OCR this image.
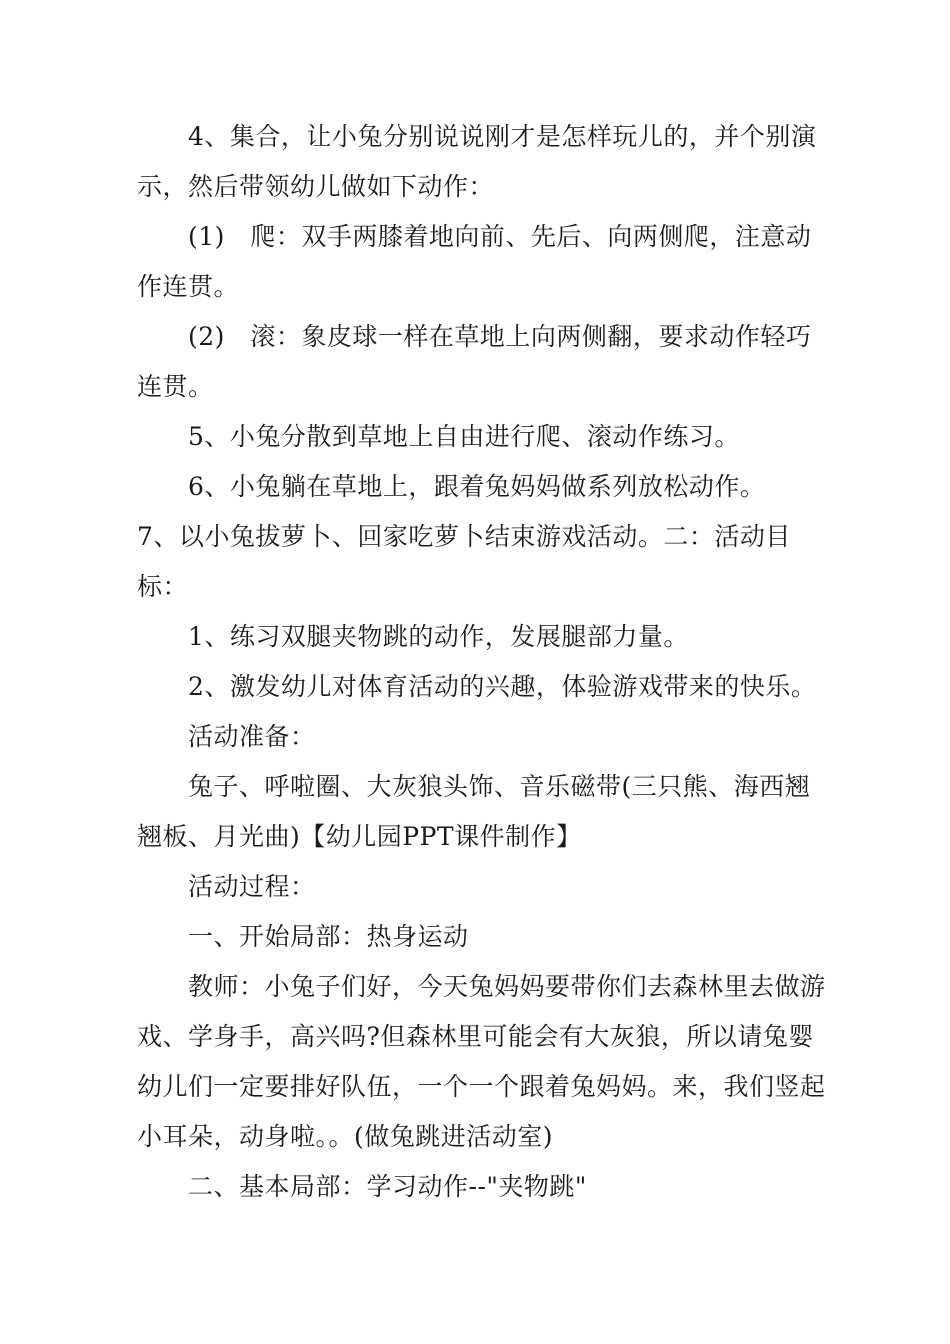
4、集合，让小兔分别说说刚才是怎样玩儿的，并个别演示，然后带领幼儿做如下动作：

(1)　爬：双手两膝着地向前、先后、向两侧爬，注意动作连贯。

(2)　滚：象皮球一样在草地上向两侧翻，要求动作轻巧连贯。

5、小兔分散到草地上自由进行爬、滚动作练习。

6、小兔躺在草地上，跟着兔妈妈做系列放松动作。

7、以小兔拔萝卜、回家吃萝卜结束游戏活动。二：活动目标：

1、练习双腿夹物跳的动作，发展腿部力量。

2、激发幼儿对体育活动的兴趣，体验游戏带来的快乐。

活动准备：

兔子、呼啦圈、大灰狼头饰、音乐磁带(三只熊、海西翘翘板、月光曲)【幼儿园PPT课件制作】

活动过程：

一、开始局部：热身运动

教师：小兔子们好，今天兔妈妈要带你们去森林里去做游戏、学身手，高兴吗?但森林里可能会有大灰狼，所以请兔婴幼儿们一定要排好队伍，一个一个跟着兔妈妈。来，我们竖起小耳朵，动身啦。。(做兔跳进活动室)

二、基本局部：学习动作--"夹物跳"
